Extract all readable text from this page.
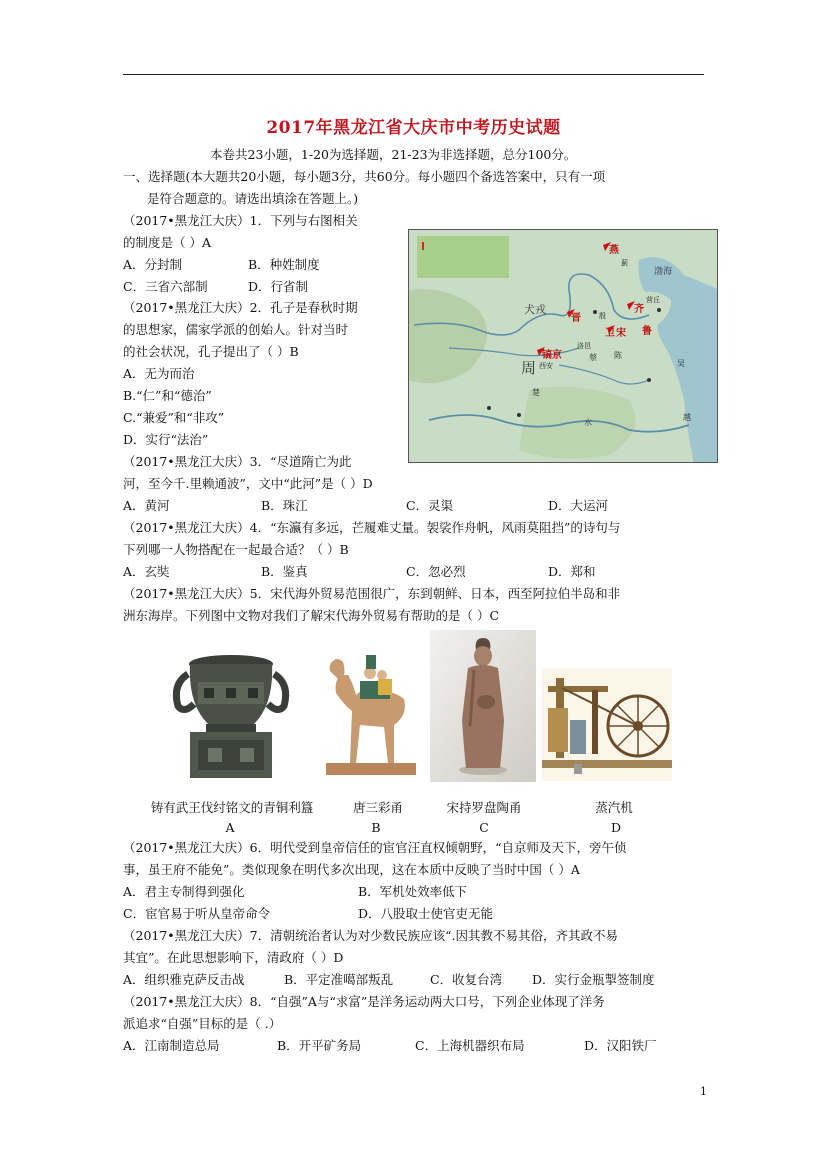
2017年黑龙江省大庆市中考历史试题
本卷共23小题，1-20为选择题，21-23为非选择题，总分100分。
一、选择题(本大题共20小题，每小题3分，共60分。每小题四个备选答案中，只有一项
是符合题意的。请选出填涂在答题上。)
（2017•黑龙江大庆）1．下列与右图相关
的制度是（ ）A
A．分封制	B．种姓制度
C．三省六部制	D．行省制
（2017•黑龙江大庆）2．孔子是春秋时期
的思想家，儒家学派的创始人。针对当时
的社会状况，孔子提出了（ ）B
A．无为而治
B.“仁”和“德治”
C.“兼爱”和“非攻”
D．实行“法治”
燕
蓟
渤海
犬戎
晋	殷
卫
齐
营丘
宋 鲁
镐京
洛邑
周 西安
蔡 陈
楚
吴
越
水
（2017•黑龙江大庆）3．“尽道隋亡为此
河，至今千.里赖通波”，文中“此河”是（ ）D
A．黄河	B．珠江	C．灵渠	D．大运河
（2017•黑龙江大庆）4．“东瀛有多远，芒履难丈量。袈裟作舟帆，风雨莫阻挡”的诗句与
下列哪一人物搭配在一起最合适？（ ）B
A．玄奘	B．鉴真	C．忽必烈	D．郑和
（2017•黑龙江大庆）5．宋代海外贸易范围很广，东到朝鲜、日本，西至阿拉伯半岛和非
洲东海岸。下列图中文物对我们了解宋代海外贸易有帮助的是（ ）C
......
铸有武王伐纣铭文的青铜利簋	唐三彩甬	宋持罗盘陶甬	蒸汽机
A	B	C	D
（2017•黑龙江大庆）6．明代受到皇帝信任的宦官汪直权倾朝野，“自京师及天下，旁午侦
事，虽王府不能免”。类似现象在明代多次出现，这在本质中反映了当时中国（ ）A
A．君主专制得到强化	B．军机处效率低下
C．宦官易于听从皇帝命令	D．八股取士使官吏无能
（2017•黑龙江大庆）7．清朝统治者认为对少数民族应该“.因其教不易其俗，齐其政不易
其宜”。在此思想影响下，清政府（ ）D
A．组织雅克萨反击战	B．平定准噶部叛乱	C．收复台湾 D．实行金瓶掣签制度
（2017•黑龙江大庆）8．“自强”A与“求富”是洋务运动两大口号，下列企业体现了洋务
派追求“自强”目标的是（ .）
A．江南制造总局	B．开平矿务局	C．上海机器织布局	D．汉阳铁厂
1
